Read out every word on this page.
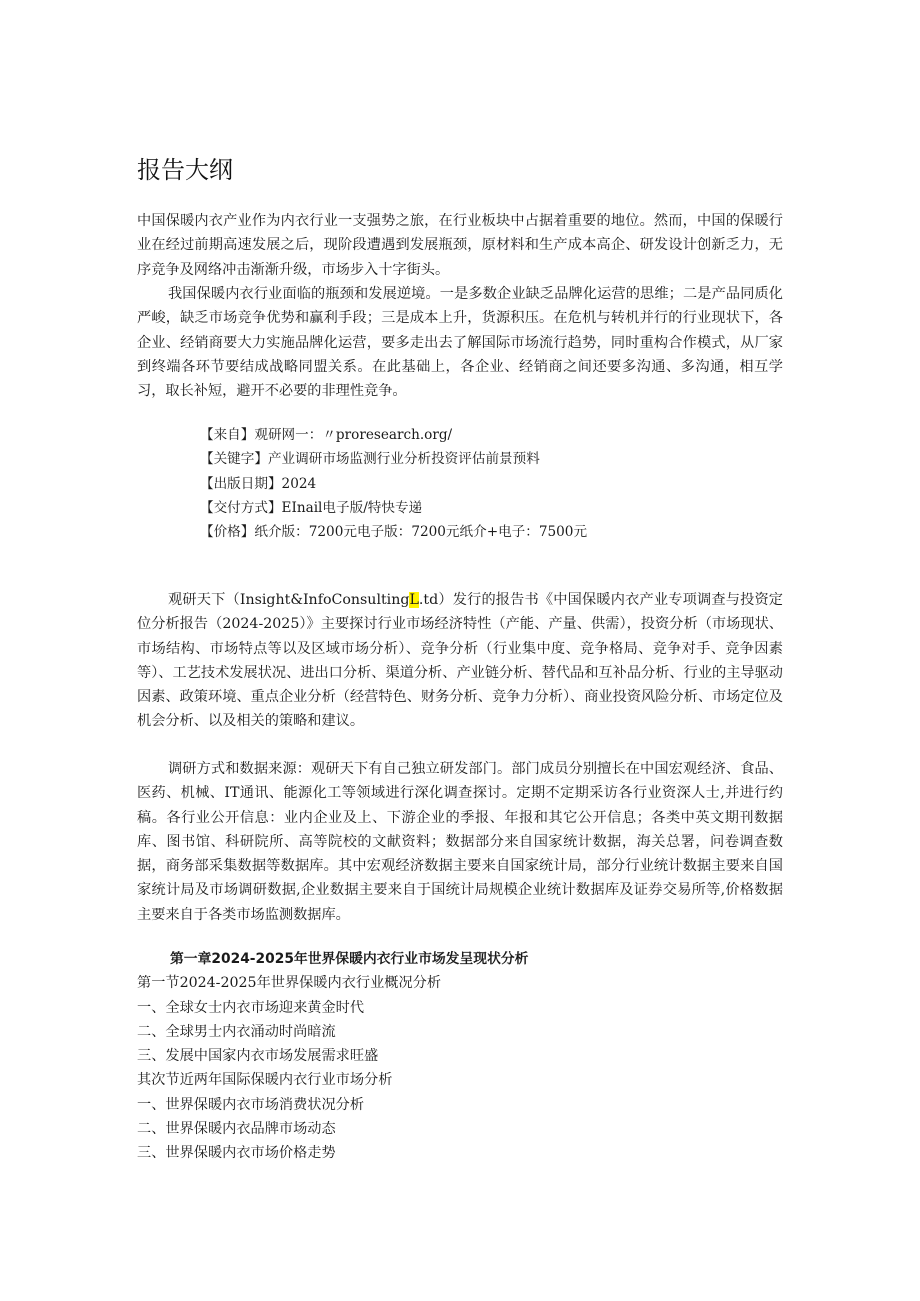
报告大纲

中国保暖内衣产业作为内衣行业一支强势之旅，在行业板块中占据着重要的地位。然而，中国的保暖行业在经过前期高速发展之后，现阶段遭遇到发展瓶颈，原材料和生产成本高企、研发设计创新乏力，无序竞争及网络冲击渐渐升级，市场步入十字街头。

我国保暖内衣行业面临的瓶颈和发展逆境。一是多数企业缺乏品牌化运营的思维；二是产品同质化严峻，缺乏市场竞争优势和赢利手段；三是成本上升，货源积压。在危机与转机并行的行业现状下，各企业、经销商要大力实施品牌化运营，要多走出去了解国际市场流行趋势，同时重构合作模式，从厂家到终端各环节要结成战略同盟关系。在此基础上，各企业、经销商之间还要多沟通、多沟通，相互学习，取长补短，避开不必要的非理性竞争。

【来自】观研网一：〃proresearch.org/
【关键字】产业调研市场监测行业分析投资评估前景预料
【出版日期】2024
【交付方式】EInail电子版/特快专递
【价格】纸介版：7200元电子版：7200元纸介+电子：7500元

观研天下（Insight&InfoConsultingL.td）发行的报告书《中国保暖内衣产业专项调查与投资定位分析报告（2024-2025）》主要探讨行业市场经济特性（产能、产量、供需），投资分析（市场现状、市场结构、市场特点等以及区域市场分析）、竞争分析（行业集中度、竞争格局、竞争对手、竞争因素等）、工艺技术发展状况、进出口分析、渠道分析、产业链分析、替代品和互补品分析、行业的主导驱动因素、政策环境、重点企业分析（经营特色、财务分析、竞争力分析）、商业投资风险分析、市场定位及机会分析、以及相关的策略和建议。

调研方式和数据来源：观研天下有自己独立研发部门。部门成员分别擅长在中国宏观经济、食品、医药、机械、IT通讯、能源化工等领域进行深化调查探讨。定期不定期采访各行业资深人士,并进行约稿。各行业公开信息：业内企业及上、下游企业的季报、年报和其它公开信息；各类中英文期刊数据库、图书馆、科研院所、高等院校的文献资料；数据部分来自国家统计数据，海关总署，问卷调查数据，商务部采集数据等数据库。其中宏观经济数据主要来自国家统计局，部分行业统计数据主要来自国家统计局及市场调研数据,企业数据主要来自于国统计局规模企业统计数据库及证券交易所等,价格数据主要来自于各类市场监测数据库。

第一章2024-2025年世界保暖内衣行业市场发呈现状分析
第一节2024-2025年世界保暖内衣行业概况分析
一、全球女士内衣市场迎来黄金时代
二、全球男士内衣涌动时尚暗流
三、发展中国家内衣市场发展需求旺盛
其次节近两年国际保暖内衣行业市场分析
一、世界保暖内衣市场消费状况分析
二、世界保暖内衣品牌市场动态
三、世界保暖内衣市场价格走势
